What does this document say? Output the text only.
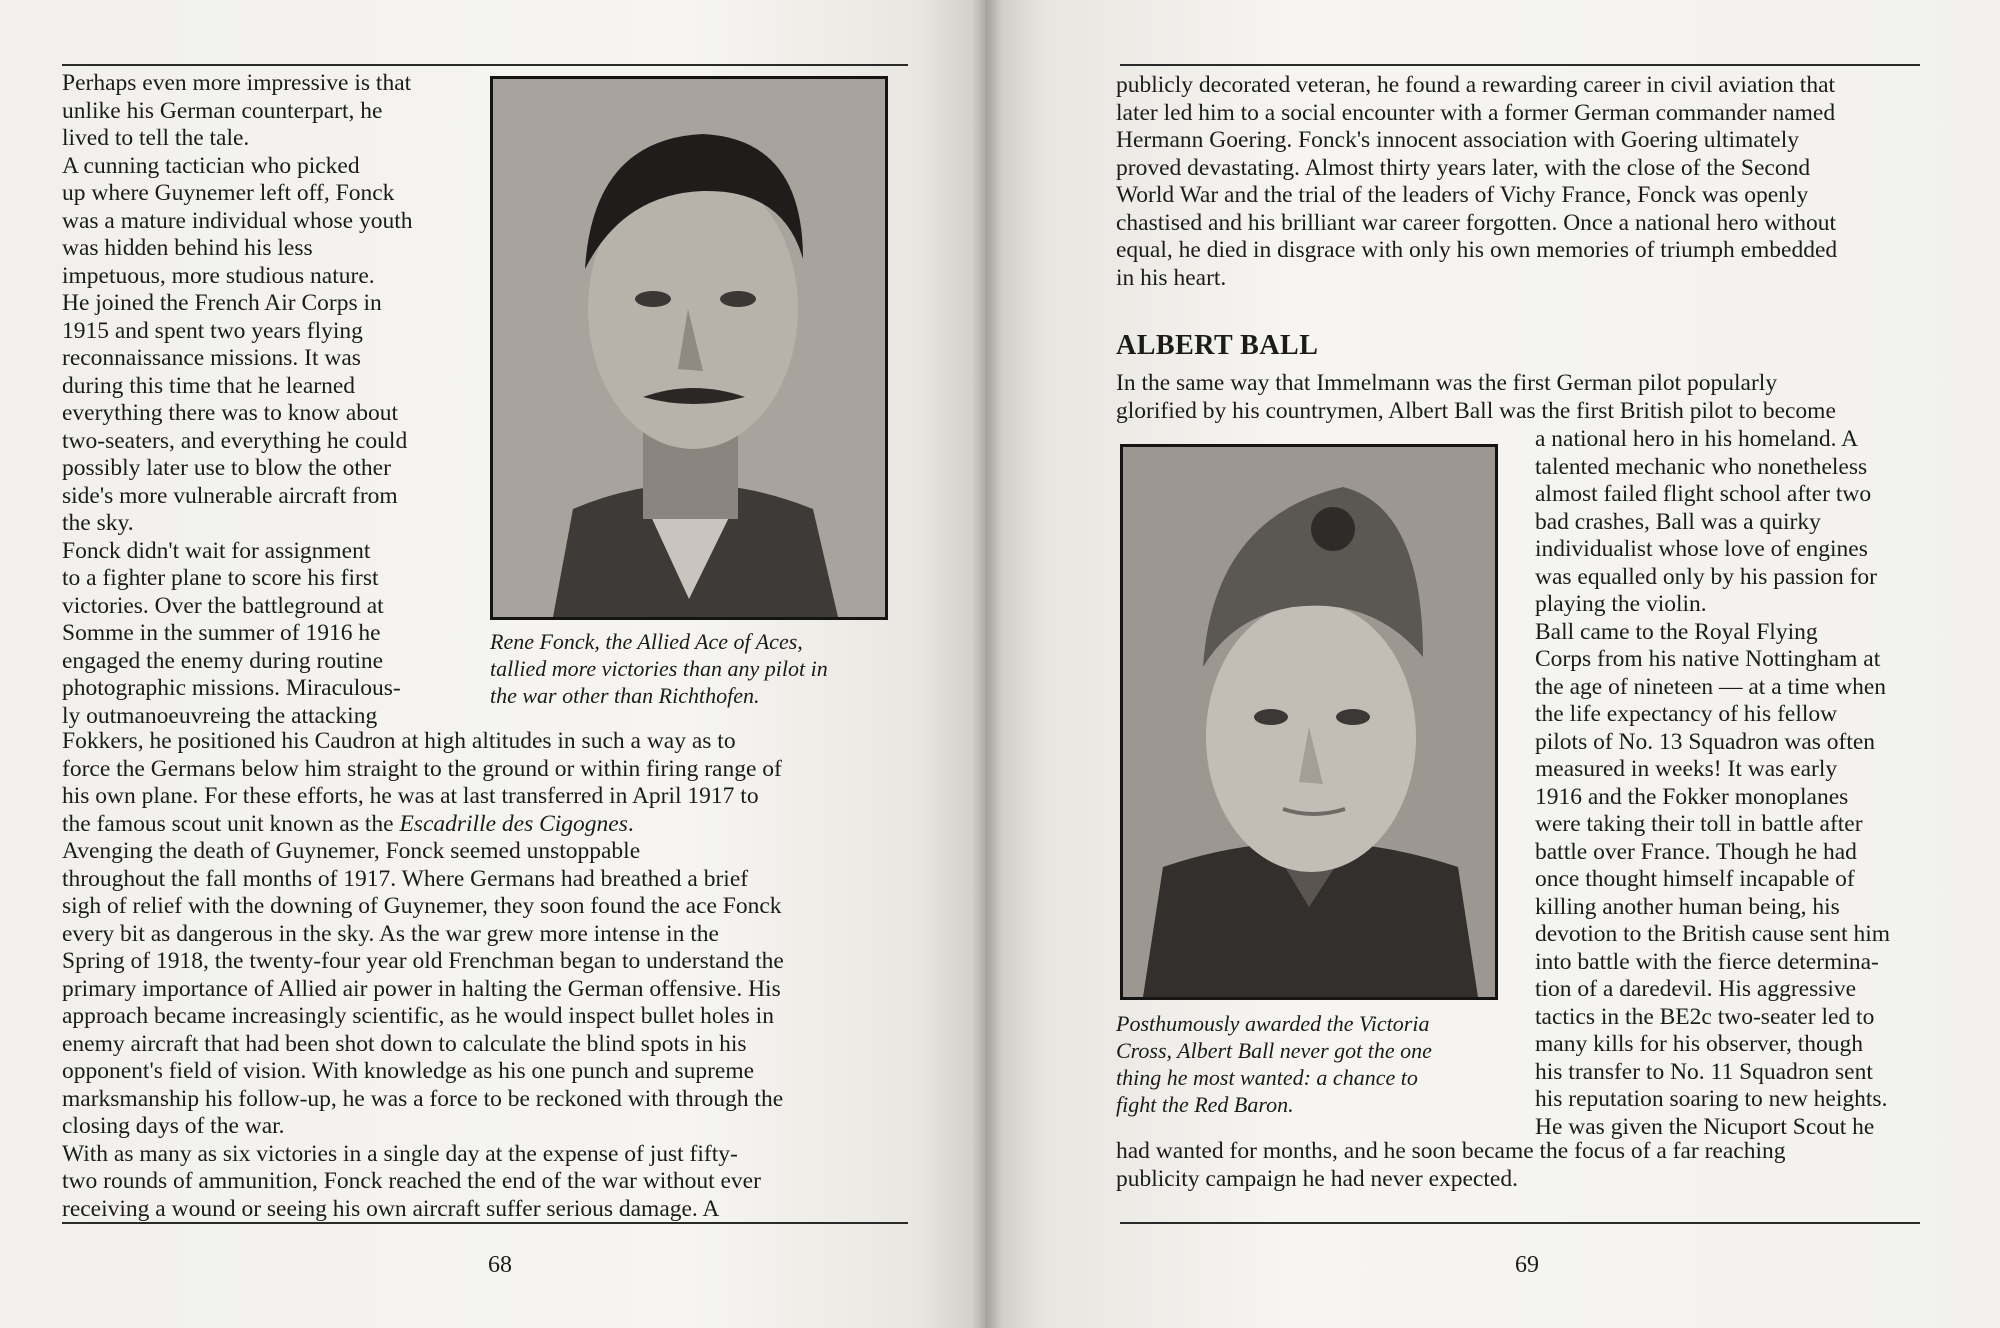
Perhaps even more impressive is that
unlike his German counterpart, he
lived to tell the tale.
A cunning tactician who picked
up where Guynemer left off, Fonck
was a mature individual whose youth
was hidden behind his less
impetuous, more studious nature.
He joined the French Air Corps in
1915 and spent two years flying
reconnaissance missions. It was
during this time that he learned
everything there was to know about
two-seaters, and everything he could
possibly later use to blow the other
side's more vulnerable aircraft from
the sky.
Fonck didn't wait for assignment
to a fighter plane to score his first
victories. Over the battleground at
Somme in the summer of 1916 he
engaged the enemy during routine
photographic missions. Miraculous-
ly outmanoeuvreing the attacking

Rene Fonck, the Allied Ace of Aces,
tallied more victories than any pilot in
the war other than Richthofen.

Fokkers, he positioned his Caudron at high altitudes in such a way as to
force the Germans below him straight to the ground or within firing range of
his own plane. For these efforts, he was at last transferred in April 1917 to
the famous scout unit known as the Escadrille des Cigognes.
Avenging the death of Guynemer, Fonck seemed unstoppable
throughout the fall months of 1917. Where Germans had breathed a brief
sigh of relief with the downing of Guynemer, they soon found the ace Fonck
every bit as dangerous in the sky. As the war grew more intense in the
Spring of 1918, the twenty-four year old Frenchman began to understand the
primary importance of Allied air power in halting the German offensive. His
approach became increasingly scientific, as he would inspect bullet holes in
enemy aircraft that had been shot down to calculate the blind spots in his
opponent's field of vision. With knowledge as his one punch and supreme
marksmanship his follow-up, he was a force to be reckoned with through the
closing days of the war.
With as many as six victories in a single day at the expense of just fifty-
two rounds of ammunition, Fonck reached the end of the war without ever
receiving a wound or seeing his own aircraft suffer serious damage. A

68

publicly decorated veteran, he found a rewarding career in civil aviation that
later led him to a social encounter with a former German commander named
Hermann Goering. Fonck's innocent association with Goering ultimately
proved devastating. Almost thirty years later, with the close of the Second
World War and the trial of the leaders of Vichy France, Fonck was openly
chastised and his brilliant war career forgotten. Once a national hero without
equal, he died in disgrace with only his own memories of triumph embedded
in his heart.

ALBERT BALL

In the same way that Immelmann was the first German pilot popularly
glorified by his countrymen, Albert Ball was the first British pilot to become

Posthumously awarded the Victoria
Cross, Albert Ball never got the one
thing he most wanted: a chance to
fight the Red Baron.

a national hero in his homeland. A
talented mechanic who nonetheless
almost failed flight school after two
bad crashes, Ball was a quirky
individualist whose love of engines
was equalled only by his passion for
playing the violin.
Ball came to the Royal Flying
Corps from his native Nottingham at
the age of nineteen — at a time when
the life expectancy of his fellow
pilots of No. 13 Squadron was often
measured in weeks! It was early
1916 and the Fokker monoplanes
were taking their toll in battle after
battle over France. Though he had
once thought himself incapable of
killing another human being, his
devotion to the British cause sent him
into battle with the fierce determina-
tion of a daredevil. His aggressive
tactics in the BE2c two-seater led to
many kills for his observer, though
his transfer to No. 11 Squadron sent
his reputation soaring to new heights.
He was given the Nicuport Scout he

had wanted for months, and he soon became the focus of a far reaching
publicity campaign he had never expected.

69
